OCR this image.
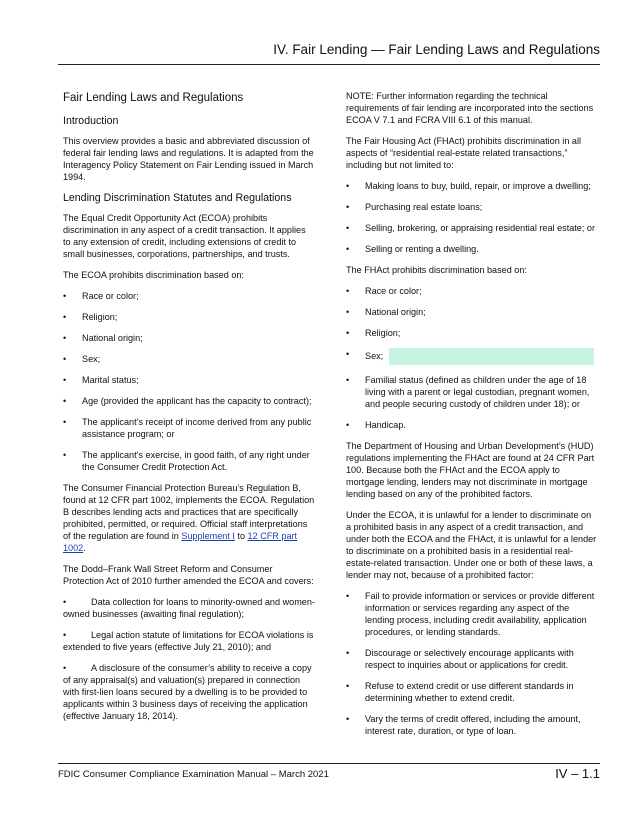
IV. Fair Lending — Fair Lending Laws and Regulations
Fair Lending Laws and Regulations
Introduction

This overview provides a basic and abbreviated discussion of federal fair lending laws and regulations. It is adapted from the Interagency Policy Statement on Fair Lending issued in March 1994.

Lending Discrimination Statutes and Regulations

The Equal Credit Opportunity Act (ECOA) prohibits discrimination in any aspect of a credit transaction. It applies to any extension of credit, including extensions of credit to small businesses, corporations, partnerships, and trusts.

The ECOA prohibits discrimination based on:

• Race or color;
• Religion;
• National origin;
• Sex;
• Marital status;
• Age (provided the applicant has the capacity to contract);
• The applicant’s receipt of income derived from any public assistance program; or
• The applicant’s exercise, in good faith, of any right under the Consumer Credit Protection Act.

The Consumer Financial Protection Bureau’s Regulation B, found at 12 CFR part 1002, implements the ECOA. Regulation B describes lending acts and practices that are specifically prohibited, permitted, or required. Official staff interpretations of the regulation are found in Supplement I to 12 CFR part 1002.

The Dodd–Frank Wall Street Reform and Consumer Protection Act of 2010 further amended the ECOA and covers:

•	Data collection for loans to minority-owned and women-owned businesses (awaiting final regulation);

•	Legal action statute of limitations for ECOA violations is extended to five years (effective July 21, 2010); and

•	A disclosure of the consumer’s ability to receive a copy of any appraisal(s) and valuation(s) prepared in connection with first-lien loans secured by a dwelling is to be provided to applicants within 3 business days of receiving the application (effective January 18, 2014).

NOTE: Further information regarding the technical requirements of fair lending are incorporated into the sections ECOA V 7.1 and FCRA VIII 6.1 of this manual.

The Fair Housing Act (FHAct) prohibits discrimination in all aspects of “residential real-estate related transactions,” including but not limited to:

• Making loans to buy, build, repair, or improve a dwelling;
• Purchasing real estate loans;
• Selling, brokering, or appraising residential real estate; or
• Selling or renting a dwelling.

The FHAct prohibits discrimination based on:

• Race or color;
• National origin;
• Religion;
• Sex;
• Familial status (defined as children under the age of 18 living with a parent or legal custodian, pregnant women, and people securing custody of children under 18); or
• Handicap.

The Department of Housing and Urban Development’s (HUD) regulations implementing the FHAct are found at 24 CFR Part 100. Because both the FHAct and the ECOA apply to mortgage lending, lenders may not discriminate in mortgage lending based on any of the prohibited factors.

Under the ECOA, it is unlawful for a lender to discriminate on a prohibited basis in any aspect of a credit transaction, and under both the ECOA and the FHAct, it is unlawful for a lender to discriminate on a prohibited basis in a residential real-estate-related transaction. Under one or both of these laws, a lender may not, because of a prohibited factor:

• Fail to provide information or services or provide different information or services regarding any aspect of the lending process, including credit availability, application procedures, or lending standards.
• Discourage or selectively encourage applicants with respect to inquiries about or applications for credit.
• Refuse to extend credit or use different standards in determining whether to extend credit.
• Vary the terms of credit offered, including the amount, interest rate, duration, or type of loan.
FDIC Consumer Compliance Examination Manual – March 2021	IV – 1.1
